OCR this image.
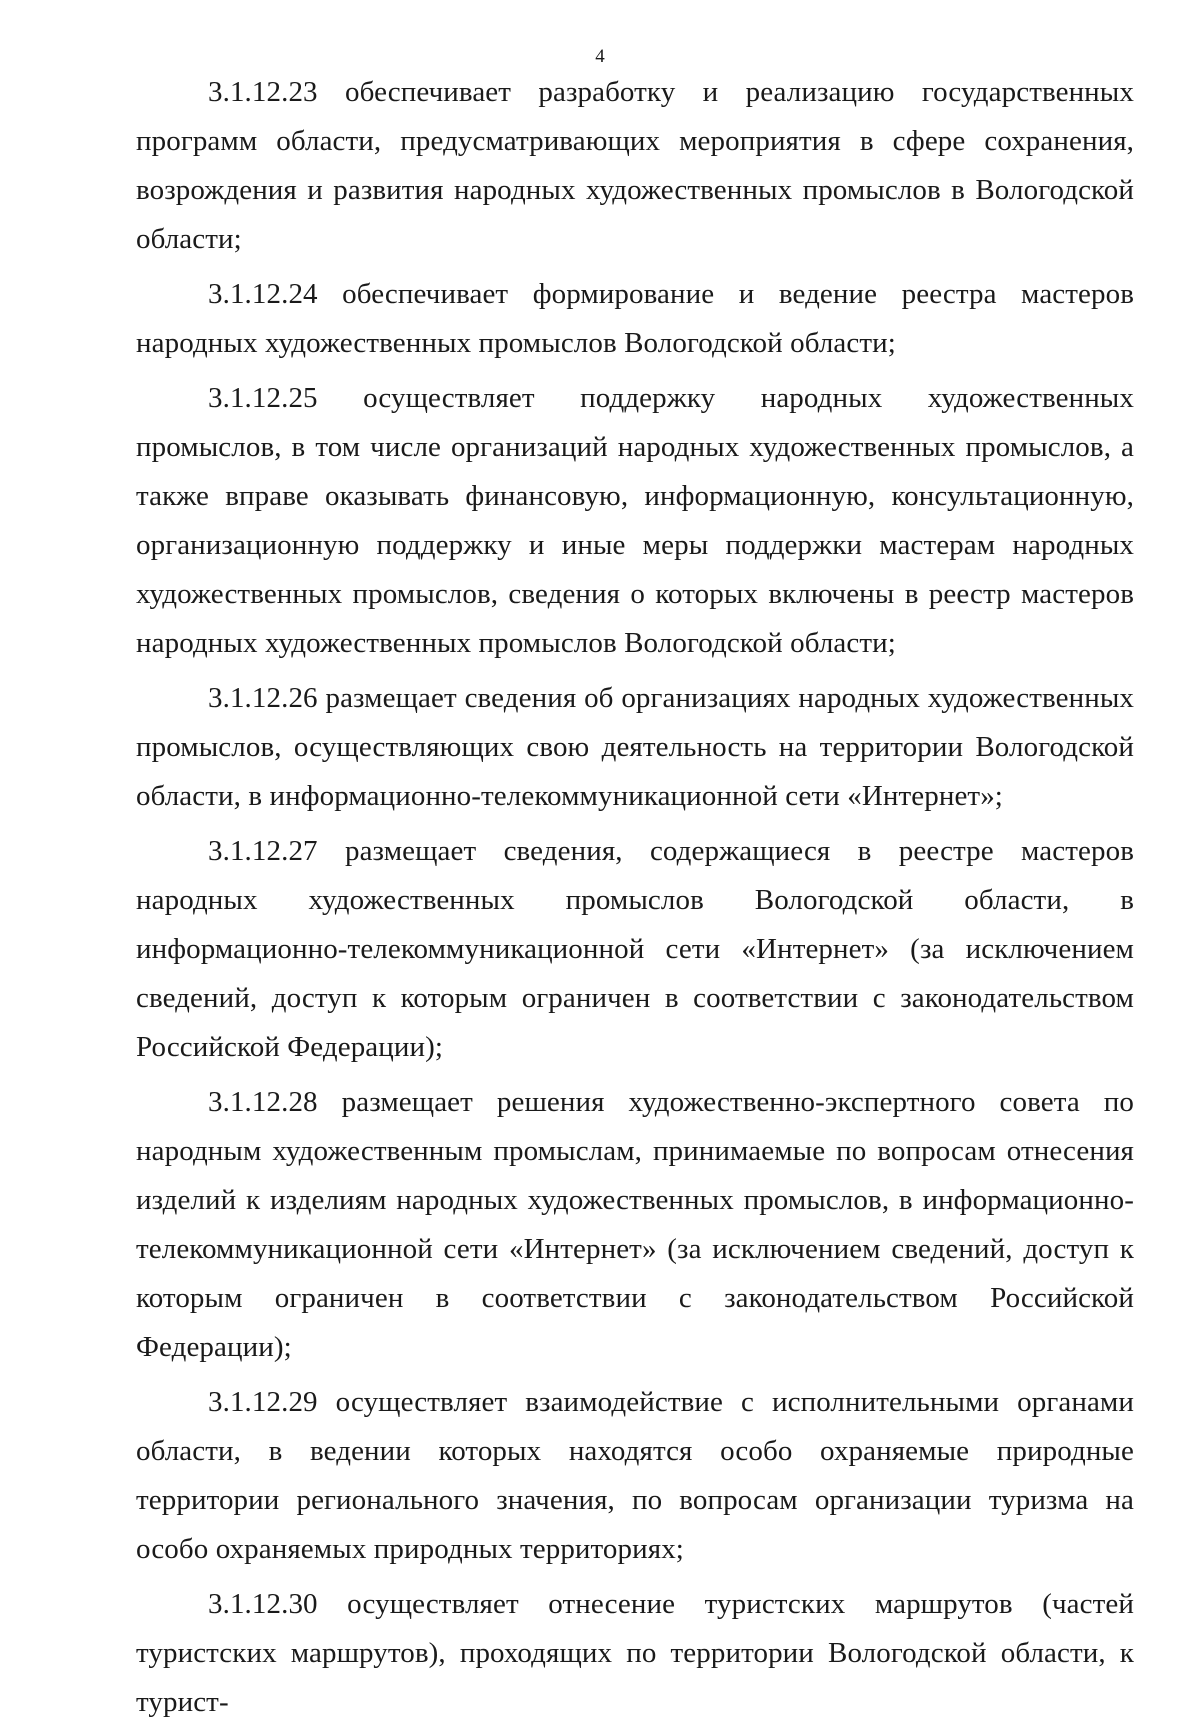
4

3.1.12.23 обеспечивает разработку и реализацию государственных программ области, предусматривающих мероприятия в сфере сохранения, возрождения и развития народных художественных промыслов в Вологодской области;

3.1.12.24 обеспечивает формирование и ведение реестра мастеров народных художественных промыслов Вологодской области;

3.1.12.25 осуществляет поддержку народных художественных промыслов, в том числе организаций народных художественных промыслов, а также вправе оказывать финансовую, информационную, консультационную, организационную поддержку и иные меры поддержки мастерам народных художественных промыслов, сведения о которых включены в реестр мастеров народных художественных промыслов Вологодской области;

3.1.12.26 размещает сведения об организациях народных художественных промыслов, осуществляющих свою деятельность на территории Вологодской области, в информационно-телекоммуникационной сети «Интернет»;

3.1.12.27 размещает сведения, содержащиеся в реестре мастеров народных художественных промыслов Вологодской области, в информационно-телекоммуникационной сети «Интернет» (за исключением сведений, доступ к которым ограничен в соответствии с законодательством Российской Федерации);

3.1.12.28 размещает решения художественно-экспертного совета по народным художественным промыслам, принимаемые по вопросам отнесения изделий к изделиям народных художественных промыслов, в информационно-телекоммуникационной сети «Интернет» (за исключением сведений, доступ к которым ограничен в соответствии с законодательством Российской Федерации);

3.1.12.29 осуществляет взаимодействие с исполнительными органами области, в ведении которых находятся особо охраняемые природные территории регионального значения, по вопросам организации туризма на особо охраняемых природных территориях;

3.1.12.30 осуществляет отнесение туристских маршрутов (частей туристских маршрутов), проходящих по территории Вологодской области, к турист-
